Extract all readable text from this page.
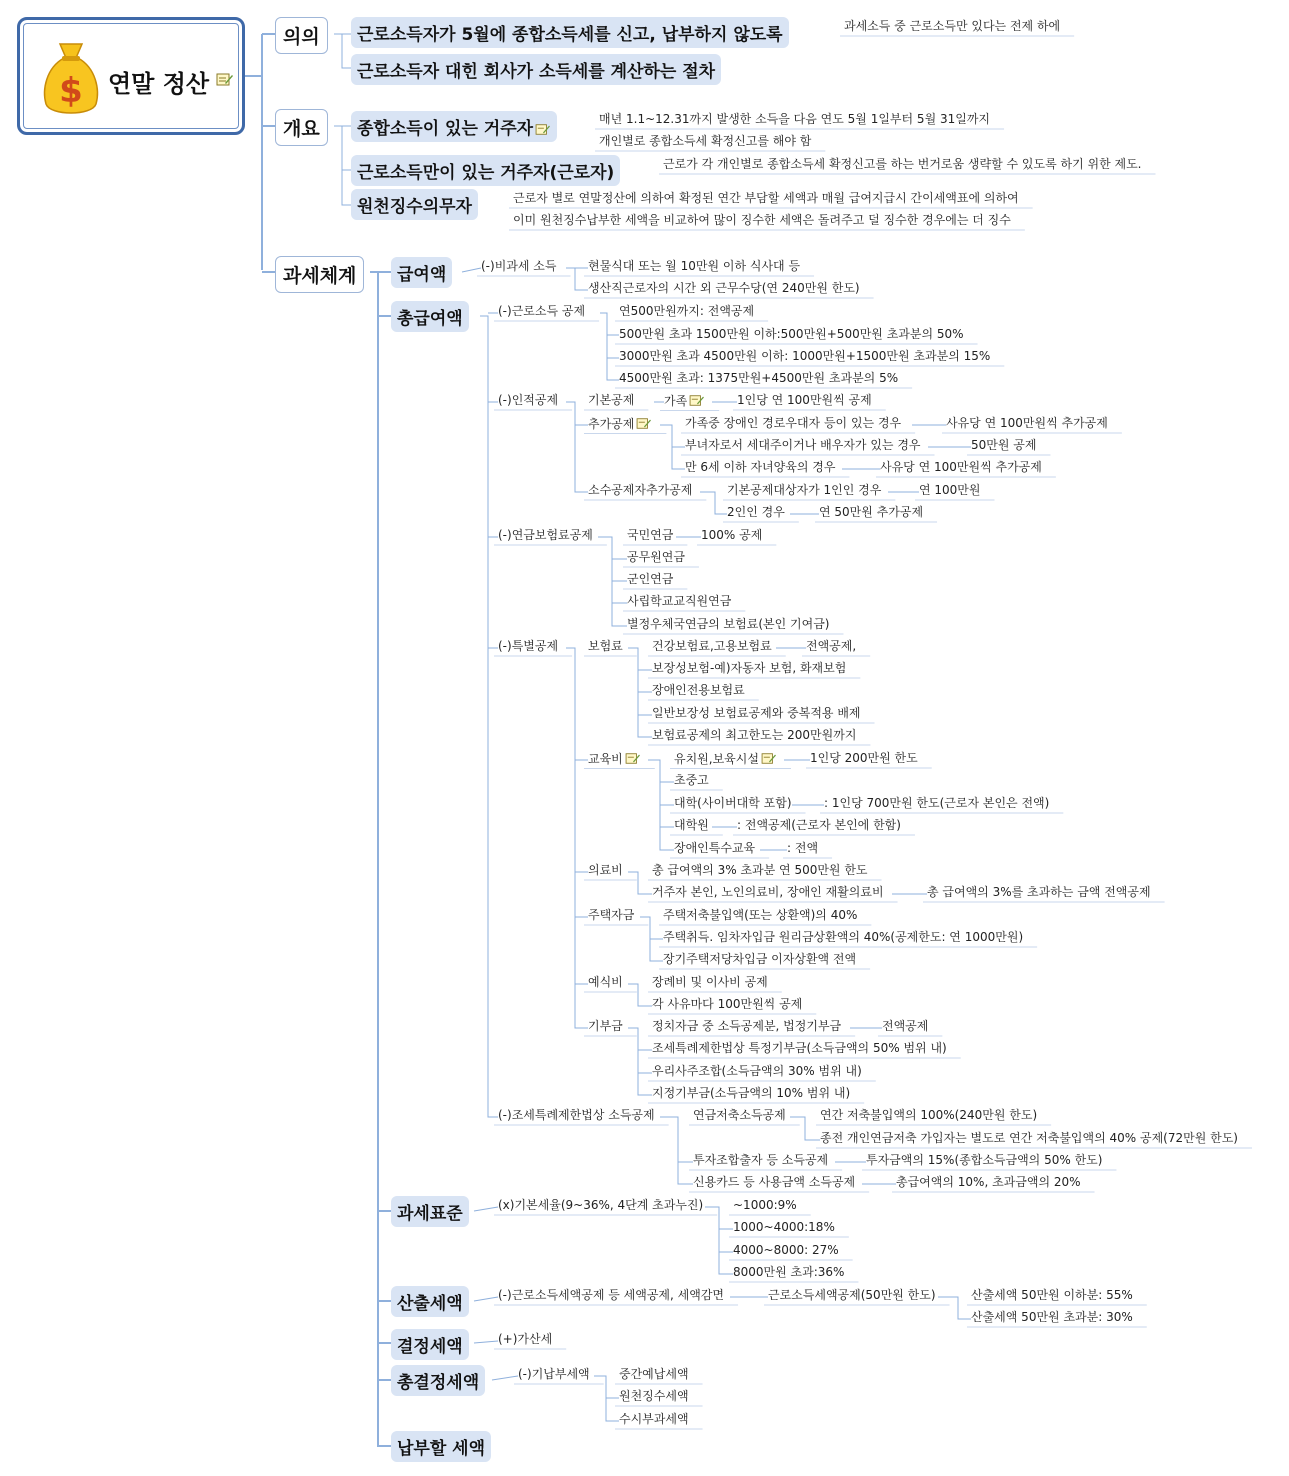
$ 연말 정산
의의
개요
과세체계
근로소득자가 5월에 종합소득세를 신고, 납부하지 않도록	과세소득 중 근로소득만 있다는 전제 하에
근로소득자 대힌 회사가 소득세를 계산하는 절차
종합소득이 있는 거주자	매년 1.1~12.31까지 발생한 소득을 다음 연도 5월 1일부터 5월 31일까지
개인별로 종합소득세 확정신고를 해야 함
근로소득만이 있는 거주자(근로자)	근로가 각 개인별로 종합소득세 확정신고를 하는 번거로움 생략할 수 있도록 하기 위한 제도.
원천징수의무자	근로자 별로 연말정산에 의하여 확정된 연간 부담할 세액과 매월 급여지급시 간이세액표에 의하여
이미 원천징수납부한 세액을 비교하여 많이 징수한 세액은 돌려주고 덜 징수한 경우에는 더 징수
급여액	(-)비과세 소득	현물식대 또는 월 10만원 이하 식사대 등
생산직근로자의 시간 외 근무수당(연 240만원 한도)
총급여액	(-)근로소득 공제	연500만원까지: 전액공제
500만원 초과 1500만원 이하:500만원+500만원 초과분의 50%
3000만원 초과 4500만원 이하: 1000만원+1500만원 초과분의 15%
4500만원 초과: 1375만원+4500만원 초과분의 5%
(-)인적공제 기본공제 가족	1인당 연 100만원씩 공제
추가공제	가족중 장애인 경로우대자 등이 있는 경우	사유당 연 100만원씩 추가공제
부녀자로서 세대주이거나 배우자가 있는 경우	50만원 공제
만 6세 이하 자녀양육의 경우	사유당 연 100만원씩 추가공제
소수공제자추가공제	기본공제대상자가 1인인 경우	연 100만원
2인인 경우	연 50만원 추가공제
(-)연금보험료공제	국민연금 100% 공제
공무원연금
군인연금
사립학교교직원연금
별정우체국연금의 보험료(본인 기여금)
(-)특별공제 보험료 건강보험료,고용보험료	전액공제,
보장성보험-예)자동자 보험, 화재보험
장애인전용보험료
일반보장성 보험료공제와 중복적용 배제
보험료공제의 최고한도는 200만원까지
교육비	유치원,보육시설	1인당 200만원 한도
초중고
대학(사이버대학 포함)	: 1인당 700만원 한도(근로자 본인은 전액)
대학원 : 전액공제(근로자 본인에 한함)
장애인특수교육	: 전액
의료비 총 급여액의 3% 초과분 연 500만원 한도
거주자 본인, 노인의료비, 장애인 재활의료비	총 급여액의 3%를 초과하는 금액 전액공제
주택자금 주택저축불입액(또는 상환액)의 40%
주택취득. 임차자입금 원리금상환액의 40%(공제한도: 연 1000만원)
장기주택저당차입금 이자상환액 전액
예식비 장례비 및 이사비 공제
각 사유마다 100만원씩 공제
기부금 정치자금 중 소득공제분, 법정기부금	전액공제
조세특례제한법상 특정기부금(소득금액의 50% 범위 내)
우리사주조합(소득금액의 30% 범위 내)
지정기부금(소득금액의 10% 범위 내)
(-)조세특례제한법상 소득공제	연금저축소득공제	연간 저축불입액의 100%(240만원 한도)
종전 개인연금저축 가입자는 별도로 연간 저축불입액의 40% 공제(72만원 한도)
투자조합출자 등 소득공제	투자금액의 15%(종합소득금액의 50% 한도)
신용카드 등 사용금액 소득공제	총급여액의 10%, 초과금액의 20%
과세표준	(x)기본세율(9~36%, 4단계 초과누진) ~1000:9%
1000~4000:18%
4000~8000: 27%
8000만원 초과:36%
산출세액	(-)근로소득세액공제 등 세액공제, 세액감면	근로소득세액공제(50만원 한도)	산출세액 50만원 이하분: 55%
산출세액 50만원 초과분: 30%
결정세액	(+)가산세
총결정세액	(-)기납부세액 중간예납세액
원천징수세액
수시부과세액
납부할 세액
